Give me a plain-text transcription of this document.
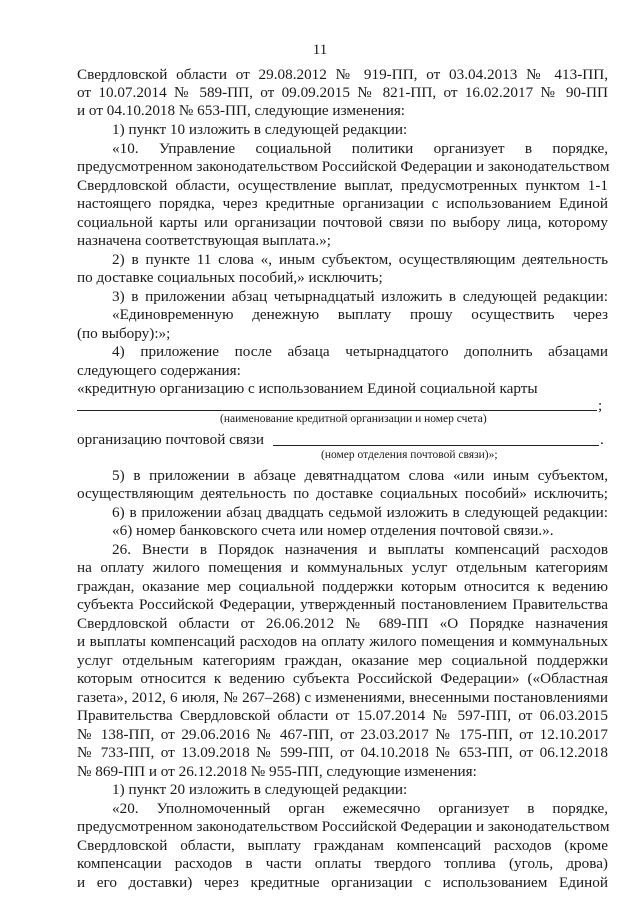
11
Свердловской области от 29.08.2012 № 919-ПП, от 03.04.2013 № 413-ПП,
от 10.07.2014 № 589-ПП, от 09.09.2015 № 821-ПП, от 16.02.2017 № 90-ПП
и от 04.10.2018 № 653-ПП, следующие изменения:
1) пункт 10 изложить в следующей редакции:
«10. Управление социальной политики организует в порядке,
предусмотренном законодательством Российской Федерации и законодательством
Свердловской области, осуществление выплат, предусмотренных пунктом 1-1
настоящего порядка, через кредитные организации с использованием Единой
социальной карты или организации почтовой связи по выбору лица, которому
назначена соответствующая выплата.»;
2) в пункте 11 слова «, иным субъектом, осуществляющим деятельность
по доставке социальных пособий,» исключить;
3) в приложении абзац четырнадцатый изложить в следующей редакции:
«Единовременную денежную выплату прошу осуществить через
(по выбору):»;
4) приложение после абзаца четырнадцатого дополнить абзацами
следующего содержания:
«кредитную организацию с использованием Единой социальной карты
;
(наименование кредитной организации и номер счета)
организацию почтовой связи	.
(номер отделения почтовой связи)»;
5) в приложении в абзаце девятнадцатом слова «или иным субъектом,
осуществляющим деятельность по доставке социальных пособий» исключить;
6) в приложении абзац двадцать седьмой изложить в следующей редакции:
«6) номер банковского счета или номер отделения почтовой связи.».
26. Внести в Порядок назначения и выплаты компенсаций расходов
на оплату жилого помещения и коммунальных услуг отдельным категориям
граждан, оказание мер социальной поддержки которым относится к ведению
субъекта Российской Федерации, утвержденный постановлением Правительства
Свердловской области от 26.06.2012 № 689-ПП «О Порядке назначения
и выплаты компенсаций расходов на оплату жилого помещения и коммунальных
услуг отдельным категориям граждан, оказание мер социальной поддержки
которым относится к ведению субъекта Российской Федерации» («Областная
газета», 2012, 6 июля, № 267–268) с изменениями, внесенными постановлениями
Правительства Свердловской области от 15.07.2014 № 597-ПП, от 06.03.2015
№ 138-ПП, от 29.06.2016 № 467-ПП, от 23.03.2017 № 175-ПП, от 12.10.2017
№ 733-ПП, от 13.09.2018 № 599-ПП, от 04.10.2018 № 653-ПП, от 06.12.2018
№ 869-ПП и от 26.12.2018 № 955-ПП, следующие изменения:
1) пункт 20 изложить в следующей редакции:
«20. Уполномоченный орган ежемесячно организует в порядке,
предусмотренном законодательством Российской Федерации и законодательством
Свердловской области, выплату гражданам компенсаций расходов (кроме
компенсации расходов в части оплаты твердого топлива (уголь, дрова)
и его доставки) через кредитные организации с использованием Единой
